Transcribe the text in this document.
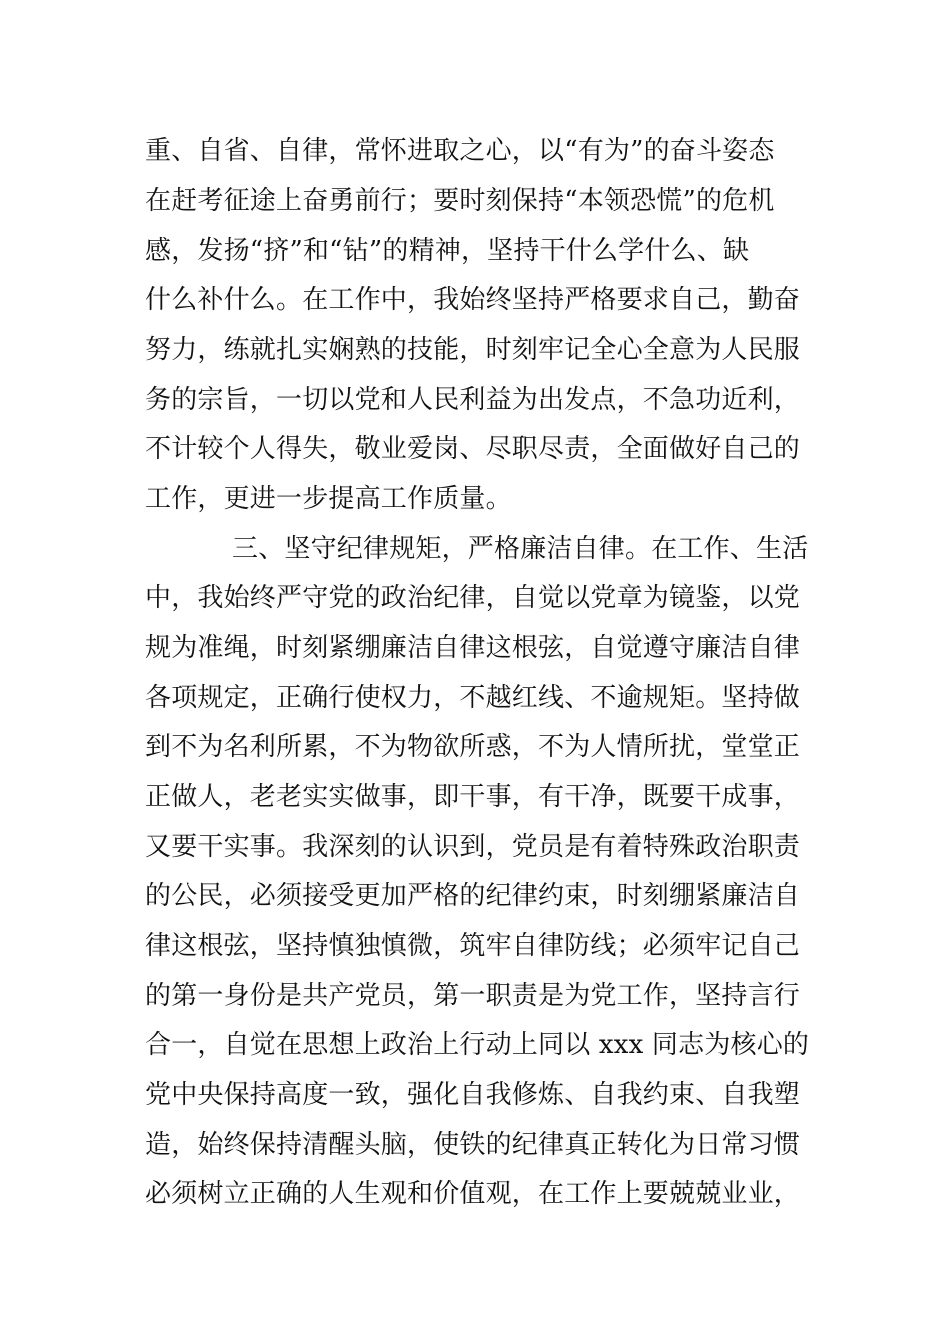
重、自省、自律，常怀进取之心，以“有为”的奋斗姿态
在赶考征途上奋勇前行；要时刻保持“本领恐慌”的危机
感，发扬“挤”和“钻”的精神，坚持干什么学什么、缺
什么补什么。在工作中，我始终坚持严格要求自己，勤奋
努力，练就扎实娴熟的技能，时刻牢记全心全意为人民服
务的宗旨，一切以党和人民利益为出发点，不急功近利，
不计较个人得失，敬业爱岗、尽职尽责，全面做好自己的
工作，更进一步提高工作质量。
三、坚守纪律规矩，严格廉洁自律。在工作、生活
中，我始终严守党的政治纪律，自觉以党章为镜鉴，以党
规为准绳，时刻紧绷廉洁自律这根弦，自觉遵守廉洁自律
各项规定，正确行使权力，不越红线、不逾规矩。坚持做
到不为名利所累，不为物欲所惑，不为人情所扰，堂堂正
正做人，老老实实做事，即干事，有干净，既要干成事，
又要干实事。我深刻的认识到，党员是有着特殊政治职责
的公民，必须接受更加严格的纪律约束，时刻绷紧廉洁自
律这根弦，坚持慎独慎微，筑牢自律防线；必须牢记自己
的第一身份是共产党员，第一职责是为党工作，坚持言行
合一，自觉在思想上政治上行动上同以 xxx 同志为核心的
党中央保持高度一致，强化自我修炼、自我约束、自我塑
造，始终保持清醒头脑，使铁的纪律真正转化为日常习惯
必须树立正确的人生观和价值观，在工作上要兢兢业业，
